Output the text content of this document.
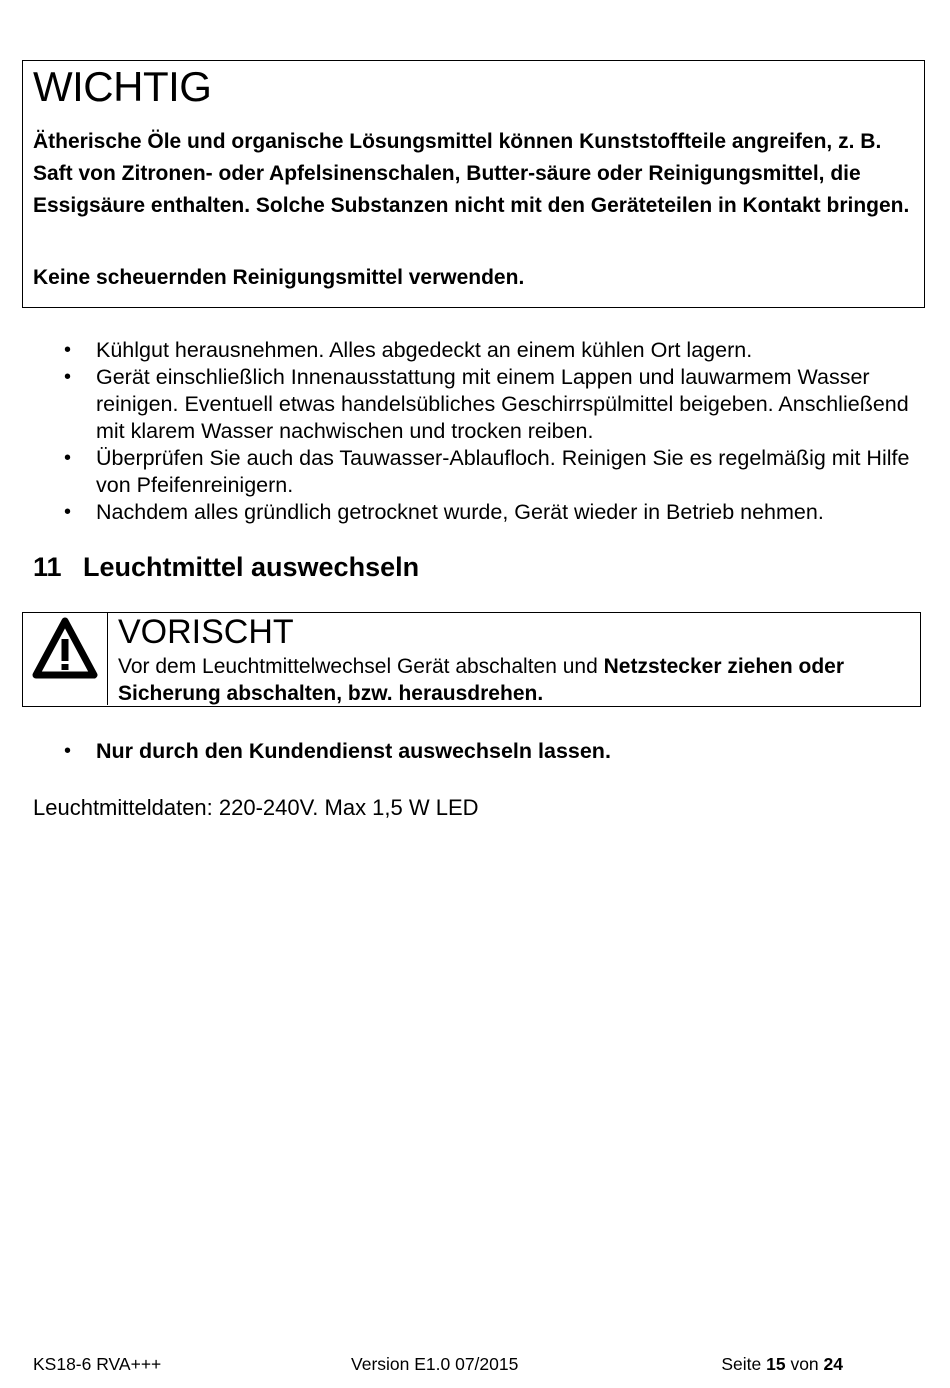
WICHTIG
Ätherische Öle und organische Lösungsmittel können Kunststoffteile angreifen, z. B. Saft von Zitronen- oder Apfelsinenschalen, Butter-säure oder Reinigungsmittel, die Essigsäure enthalten. Solche Substanzen nicht mit den Geräteteilen in Kontakt bringen.
Keine scheuernden Reinigungsmittel verwenden.
• Kühlgut herausnehmen. Alles abgedeckt an einem kühlen Ort lagern.
• Gerät einschließlich Innenausstattung mit einem Lappen und lauwarmem Wasser reinigen. Eventuell etwas handelsübliches Geschirrspülmittel beigeben. Anschließend mit klarem Wasser nachwischen und trocken reiben.
• Überprüfen Sie auch das Tauwasser-Ablaufloch. Reinigen Sie es regelmäßig mit Hilfe von Pfeifenreinigern.
• Nachdem alles gründlich getrocknet wurde, Gerät wieder in Betrieb nehmen.
11 Leuchtmittel auswechseln
VORISCHT
Vor dem Leuchtmittelwechsel Gerät abschalten und Netzstecker ziehen oder Sicherung abschalten, bzw. herausdrehen.
• Nur durch den Kundendienst auswechseln lassen.
Leuchtmitteldaten: 220-240V. Max 1,5 W LED
KS18-6 RVA+++	Version E1.0 07/2015	Seite 15 von 24
